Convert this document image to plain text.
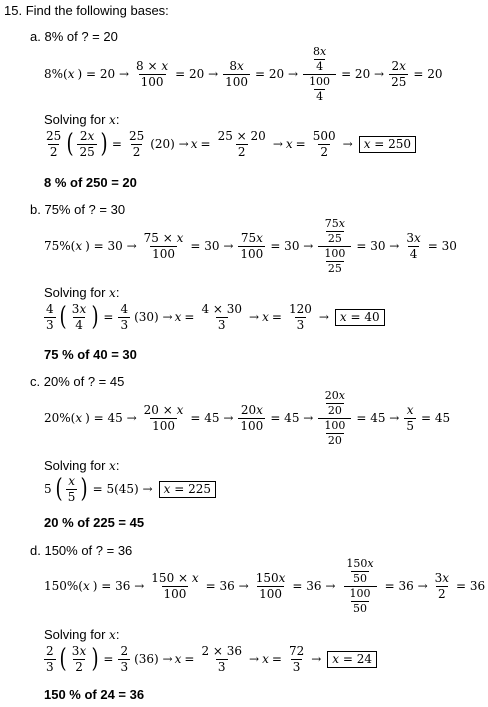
15. Find the following bases:
a. 8% of ? = 20
8%( x ) = $20 \to \frac{8 \times x}{100} = 20 \to \frac{8x}{100} = 20 \to \frac{\frac{8x}{4}}{\frac{100}{4}} = 20 \to \frac{2x}{25} = 20$
Solving for x:
$\frac{25}{2}$ ( $\frac{2x}{25}$ ) = $\frac{25}{2} (20) \to x = \frac{25 \times 20}{2} \to x = \frac{500}{2} \to x = 250$
8 % of 250 = 20
b. 75% of ? = 30
75%( x ) = $30 \to \frac{75 \times x}{100} = 30 \to \frac{75x}{100} = 30 \to \frac{\frac{75x}{25}}{\frac{100}{25}} = 30 \to \frac{3x}{4} = 30$
Solving for x:
$\frac{4}{3}$ ( $\frac{3x}{4}$ ) = $\frac{4}{3} (30) \to x = \frac{4 \times 30}{3} \to x = \frac{120}{3} \to x = 40$
75 % of 40 = 30
c. 20% of ? = 45
20%( x ) = $45 \to \frac{20 \times x}{100} = 45 \to \frac{20x}{100} = 45 \to \frac{\frac{20x}{20}}{\frac{100}{20}} = 45 \to \frac{x}{5} = 45$
Solving for x:
5 ( $\frac{x}{5}$ ) = 5(45) → x = 225
20 % of 225 = 45
d. 150% of ? = 36
150%( x ) = $36 \to \frac{150 \times x}{100} = 36 \to \frac{150x}{100} = 36 \to \frac{\frac{150x}{50}}{\frac{100}{50}} = 36 \to \frac{3x}{2} = 36$
Solving for x:
$\frac{2}{3}$ ( $\frac{3x}{2}$ ) = $\frac{2}{3} (36) \to x = \frac{2 \times 36}{3} \to x = \frac{72}{3} \to x = 24$
150 % of 24 = 36
